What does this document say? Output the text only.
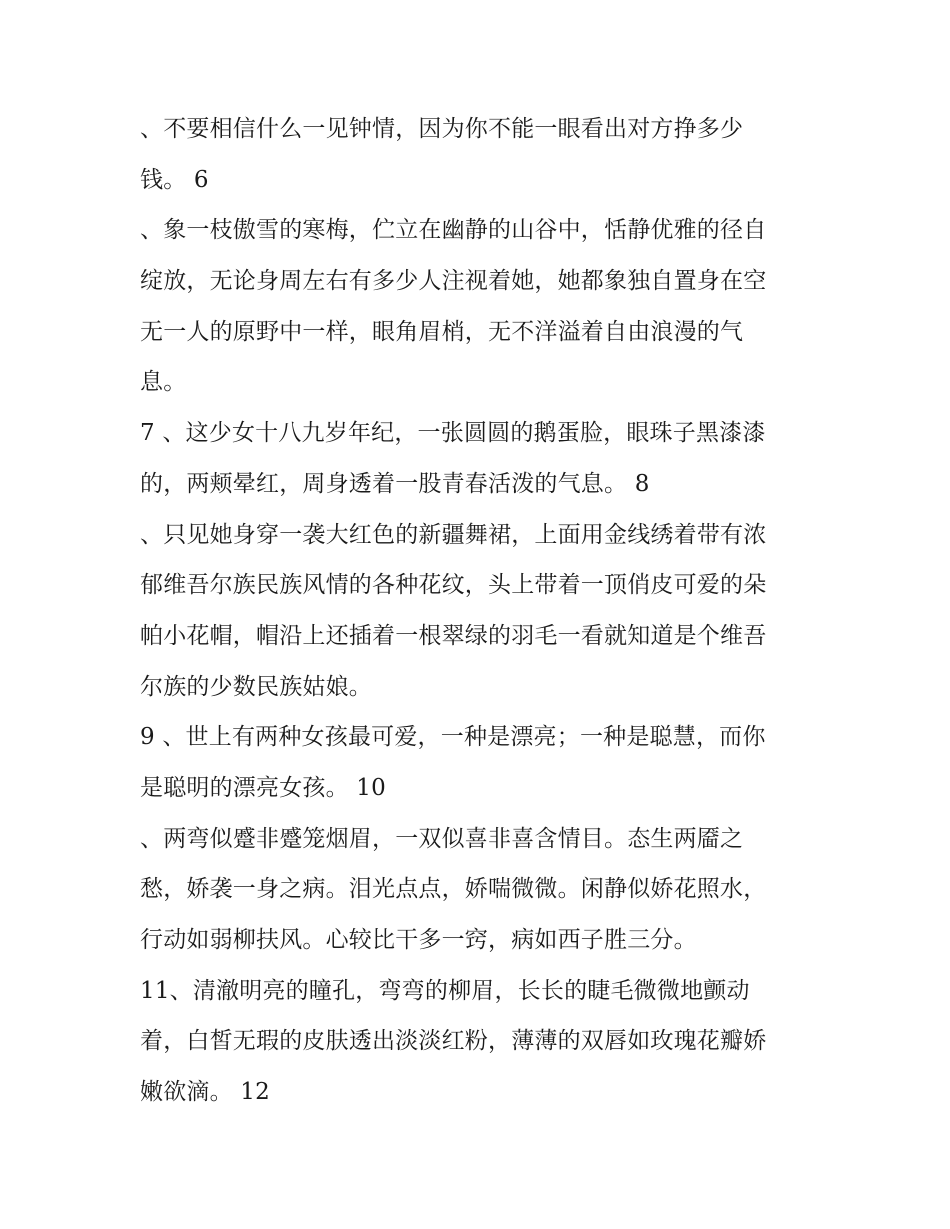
、不要相信什么一见钟情，因为你不能一眼看出对方挣多少
钱。 6
、象一枝傲雪的寒梅，伫立在幽静的山谷中，恬静优雅的径自
绽放，无论身周左右有多少人注视着她，她都象独自置身在空
无一人的原野中一样，眼角眉梢，无不洋溢着自由浪漫的气
息。
7 、这少女十八九岁年纪，一张圆圆的鹅蛋脸，眼珠子黑漆漆
的，两颊晕红，周身透着一股青春活泼的气息。 8
、只见她身穿一袭大红色的新疆舞裙，上面用金线绣着带有浓
郁维吾尔族民族风情的各种花纹，头上带着一顶俏皮可爱的朵
帕小花帽，帽沿上还插着一根翠绿的羽毛一看就知道是个维吾
尔族的少数民族姑娘。
9 、世上有两种女孩最可爱，一种是漂亮；一种是聪慧，而你
是聪明的漂亮女孩。 10
、两弯似蹙非蹙笼烟眉，一双似喜非喜含情目。态生两靥之
愁，娇袭一身之病。泪光点点，娇喘微微。闲静似娇花照水，
行动如弱柳扶风。心较比干多一窍，病如西子胜三分。
11、清澈明亮的瞳孔，弯弯的柳眉，长长的睫毛微微地颤动
着，白皙无瑕的皮肤透出淡淡红粉，薄薄的双唇如玫瑰花瓣娇
嫩欲滴。 12
